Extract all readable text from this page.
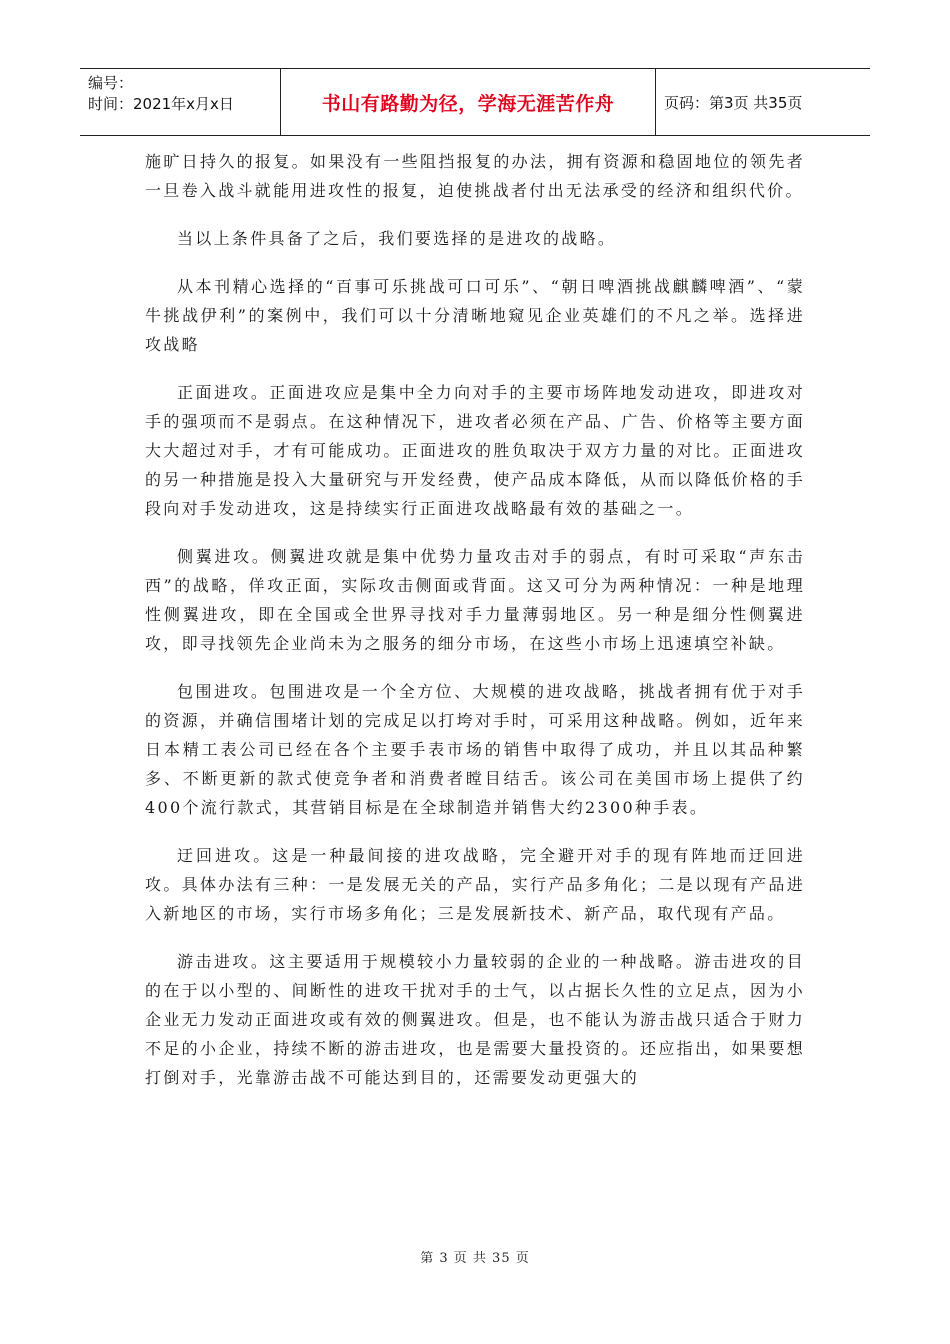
编号：
时间：2021年x月x日	书山有路勤为径，学海无涯苦作舟	页码：第3页 共35页

施旷日持久的报复。如果没有一些阻挡报复的办法，拥有资源和稳固地位的领先者一旦卷入战斗就能用进攻性的报复，迫使挑战者付出无法承受的经济和组织代价。

当以上条件具备了之后，我们要选择的是进攻的战略。

从本刊精心选择的“百事可乐挑战可口可乐”、“朝日啤酒挑战麒麟啤酒”、“蒙牛挑战伊利”的案例中，我们可以十分清晰地窥见企业英雄们的不凡之举。选择进攻战略

正面进攻。正面进攻应是集中全力向对手的主要市场阵地发动进攻，即进攻对手的强项而不是弱点。在这种情况下，进攻者必须在产品、广告、价格等主要方面大大超过对手，才有可能成功。正面进攻的胜负取决于双方力量的对比。正面进攻的另一种措施是投入大量研究与开发经费，使产品成本降低，从而以降低价格的手段向对手发动进攻，这是持续实行正面进攻战略最有效的基础之一。

侧翼进攻。侧翼进攻就是集中优势力量攻击对手的弱点，有时可采取“声东击西”的战略，佯攻正面，实际攻击侧面或背面。这又可分为两种情况：一种是地理性侧翼进攻，即在全国或全世界寻找对手力量薄弱地区。另一种是细分性侧翼进攻，即寻找领先企业尚未为之服务的细分市场，在这些小市场上迅速填空补缺。

包围进攻。包围进攻是一个全方位、大规模的进攻战略，挑战者拥有优于对手的资源，并确信围堵计划的完成足以打垮对手时，可采用这种战略。例如，近年来日本精工表公司已经在各个主要手表市场的销售中取得了成功，并且以其品种繁多、不断更新的款式使竞争者和消费者瞠目结舌。该公司在美国市场上提供了约400个流行款式，其营销目标是在全球制造并销售大约2300种手表。

迂回进攻。这是一种最间接的进攻战略，完全避开对手的现有阵地而迂回进攻。具体办法有三种：一是发展无关的产品，实行产品多角化；二是以现有产品进入新地区的市场，实行市场多角化；三是发展新技术、新产品，取代现有产品。

游击进攻。这主要适用于规模较小力量较弱的企业的一种战略。游击进攻的目的在于以小型的、间断性的进攻干扰对手的士气，以占据长久性的立足点，因为小企业无力发动正面进攻或有效的侧翼进攻。但是，也不能认为游击战只适合于财力不足的小企业，持续不断的游击进攻，也是需要大量投资的。还应指出，如果要想打倒对手，光靠游击战不可能达到目的，还需要发动更强大的

第 3 页 共 35 页
